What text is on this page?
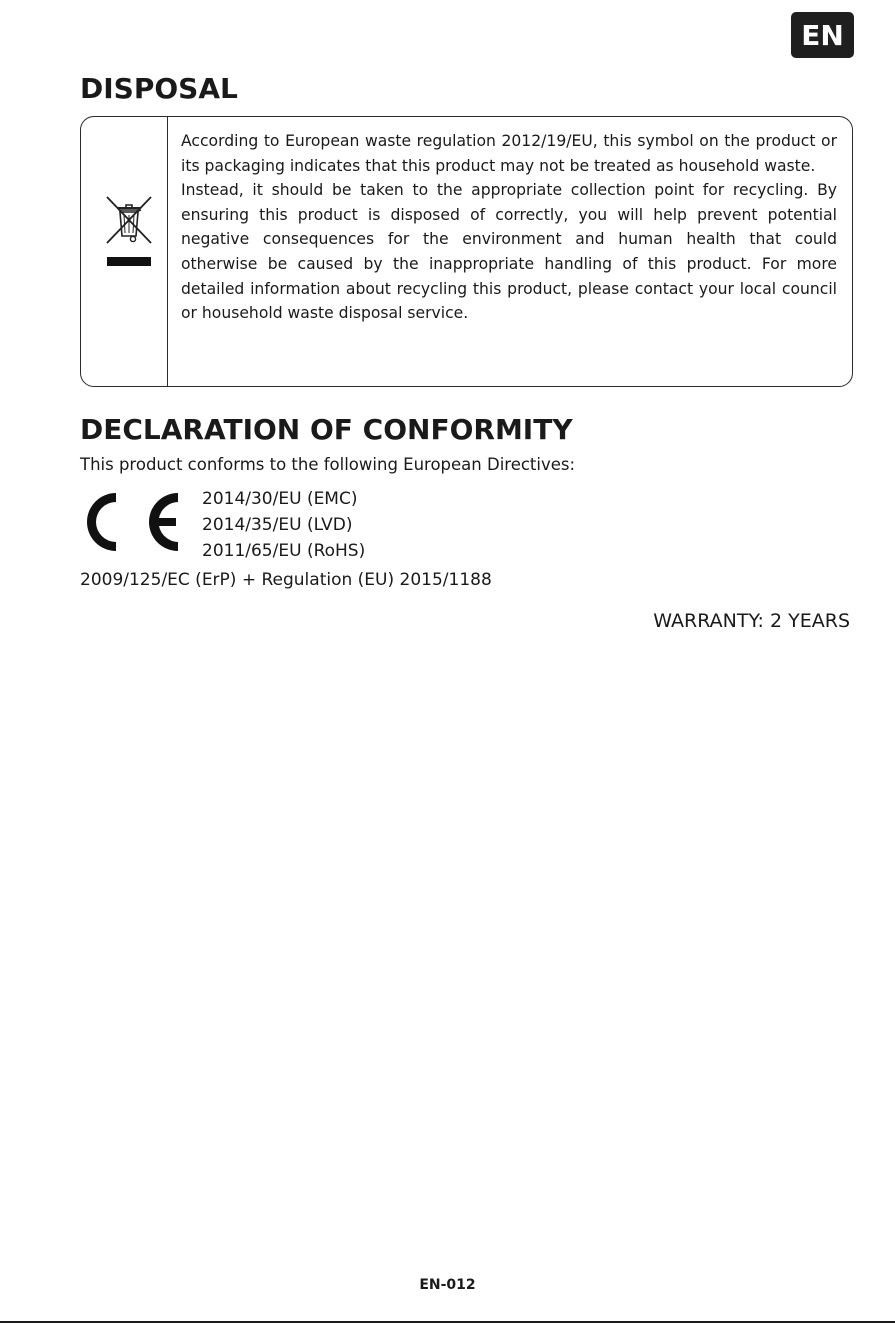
EN
DISPOSAL

According to European waste regulation 2012/19/EU, this symbol on the product or its packaging indicates that this product may not be treated as household waste.

Instead, it should be taken to the appropriate collection point for recycling. By ensuring this product is disposed of correctly, you will help prevent potential negative consequences for the environment and human health that could otherwise be caused by the inappropriate handling of this product. For more detailed information about recycling this product, please contact your local council or household waste disposal service.

DECLARATION OF CONFORMITY
This product conforms to the following European Directives:
2014/30/EU (EMC)
2014/35/EU (LVD)
2011/65/EU (RoHS)
2009/125/EC (ErP) + Regulation (EU) 2015/1188
WARRANTY: 2 YEARS
EN-012
